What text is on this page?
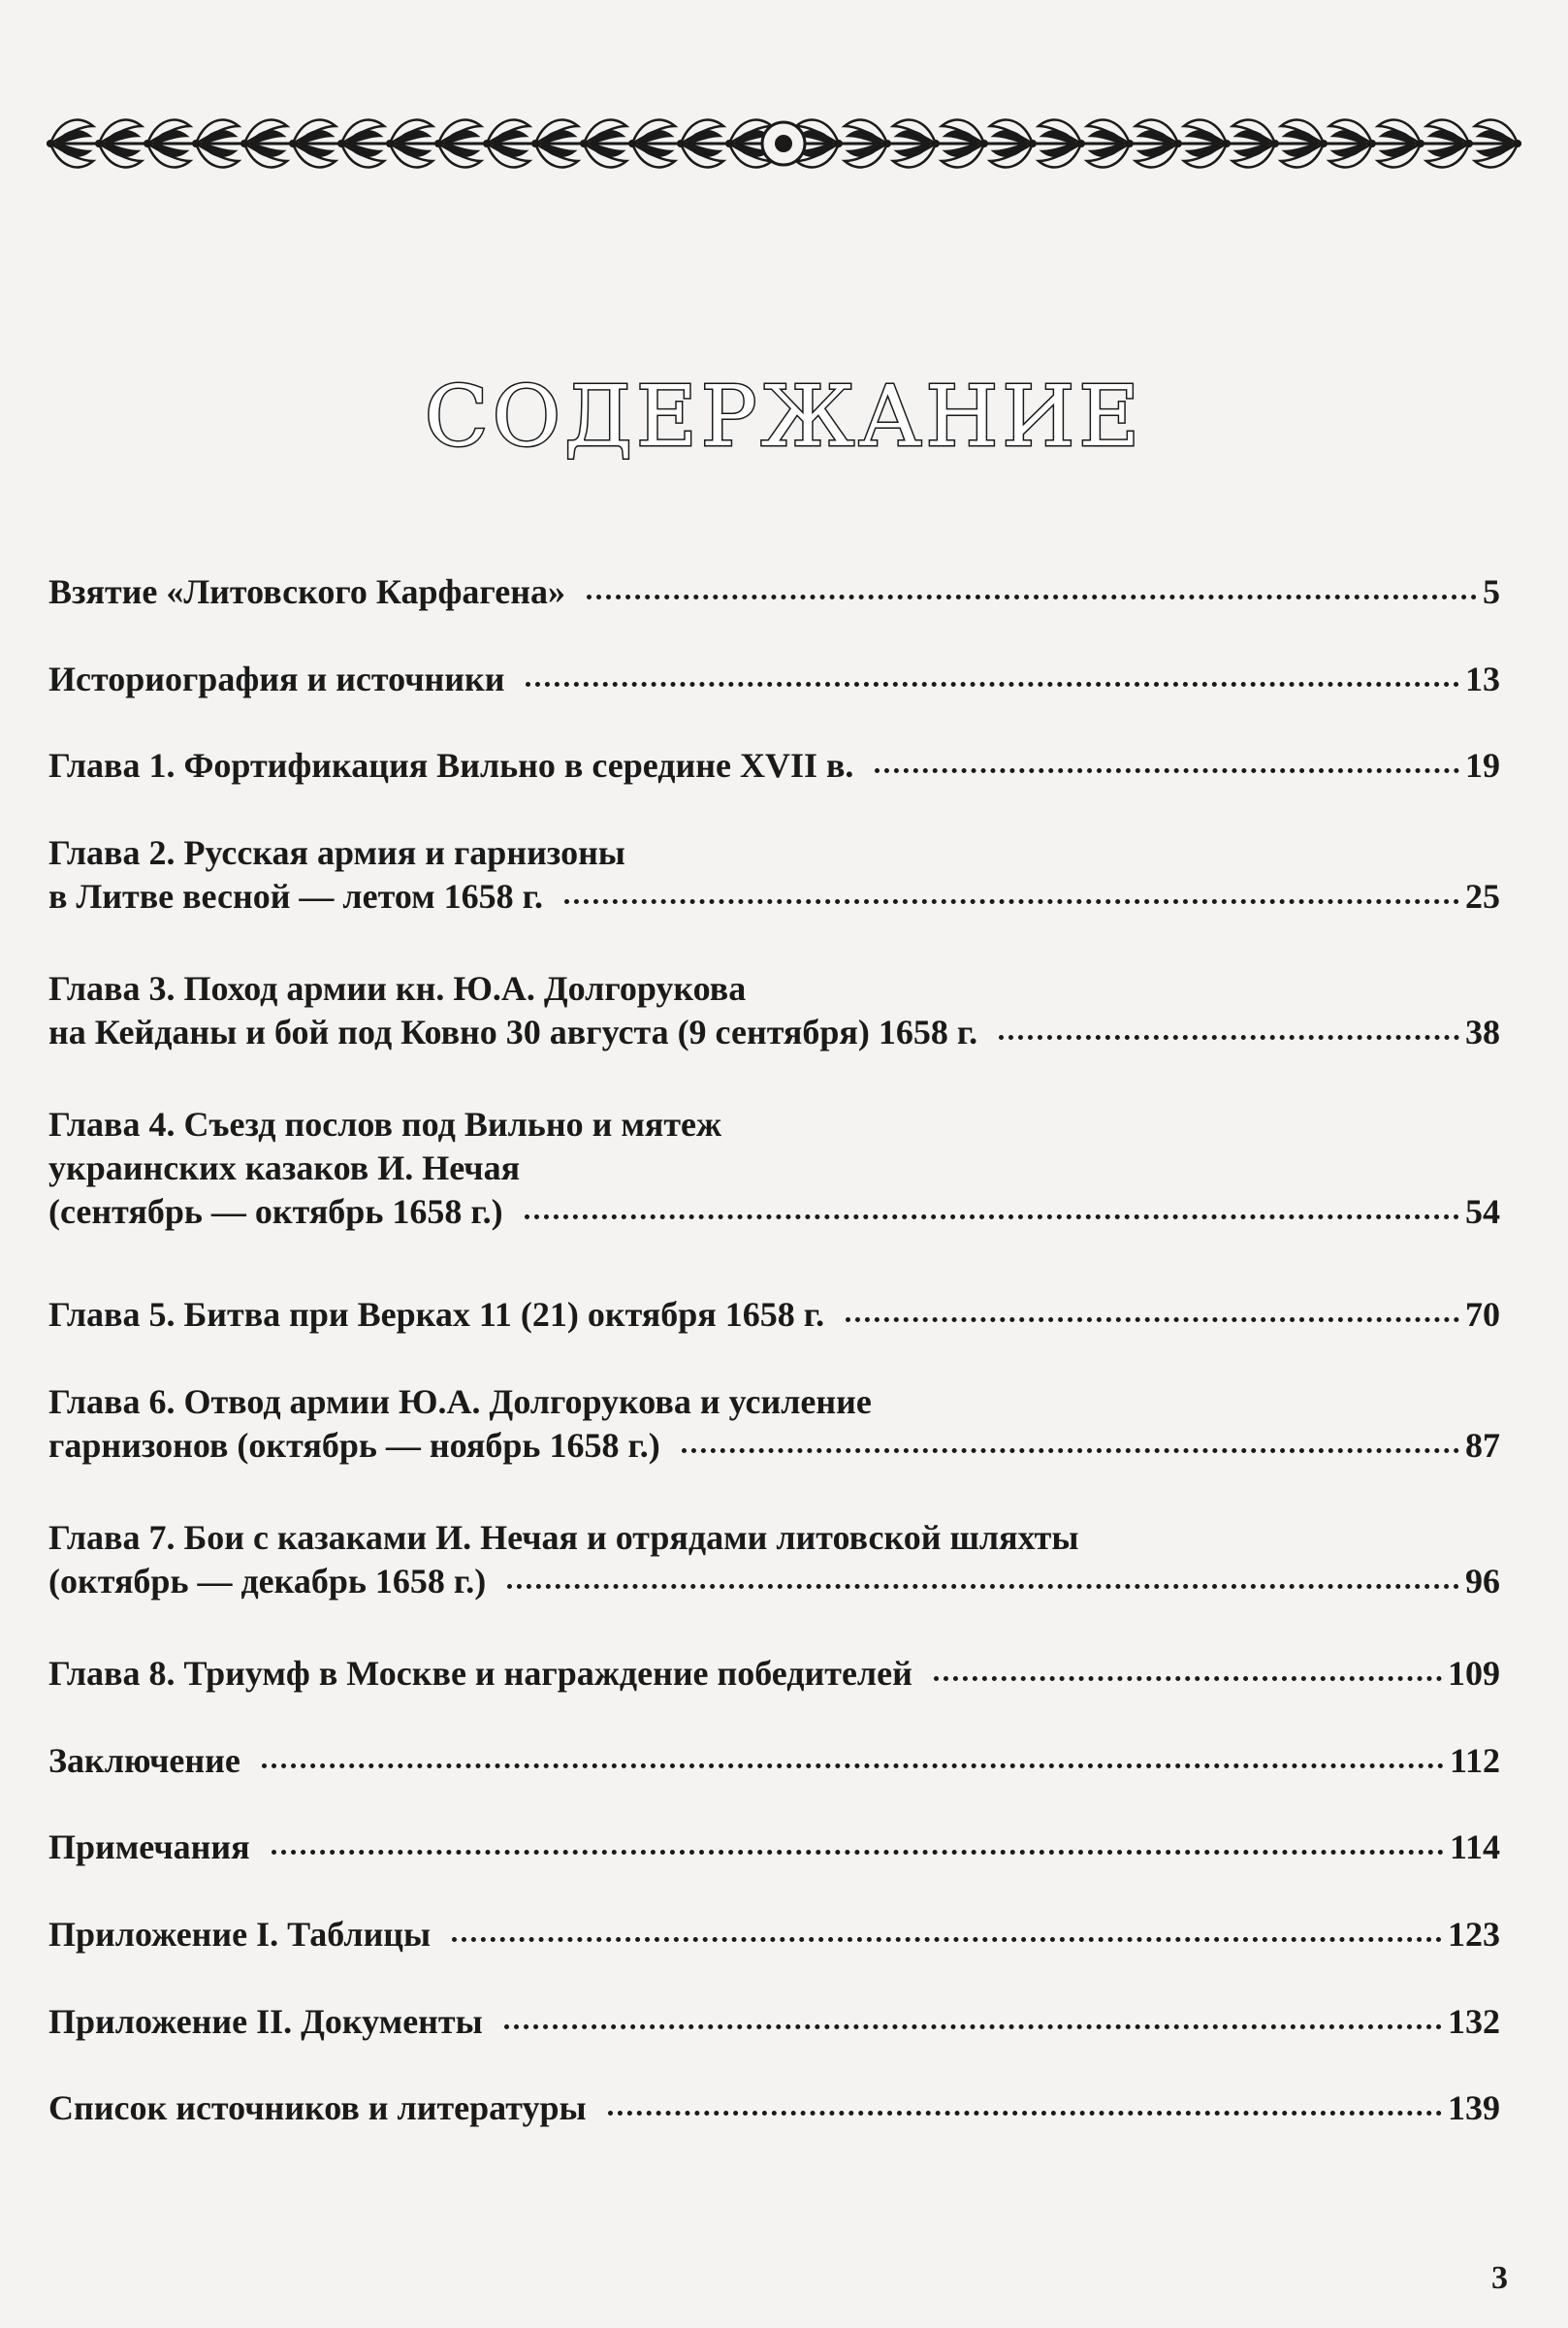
СОДЕРЖАНИЕ
Взятие «Литовского Карфагена»	5
Историография и источники	13
Глава 1. Фортификация Вильно в середине XVII в.	19
Глава 2. Русская армия и гарнизоны
в Литве весной — летом 1658 г.	25
Глава 3. Поход армии кн. Ю.А. Долгорукова
на Кейданы и бой под Ковно 30 августа (9 сентября) 1658 г.	38
Глава 4. Съезд послов под Вильно и мятеж
украинских казаков И. Нечая
(сентябрь — октябрь 1658 г.)	54
Глава 5. Битва при Верках 11 (21) октября 1658 г.	70
Глава 6. Отвод армии Ю.А. Долгорукова и усиление
гарнизонов (октябрь — ноябрь 1658 г.)	87
Глава 7. Бои с казаками И. Нечая и отрядами литовской шляхты
(октябрь — декабрь 1658 г.)	96
Глава 8. Триумф в Москве и награждение победителей	109
Заключение	112
Примечания	114
Приложение I. Таблицы	123
Приложение II. Документы	132
Список источников и литературы	139
3
